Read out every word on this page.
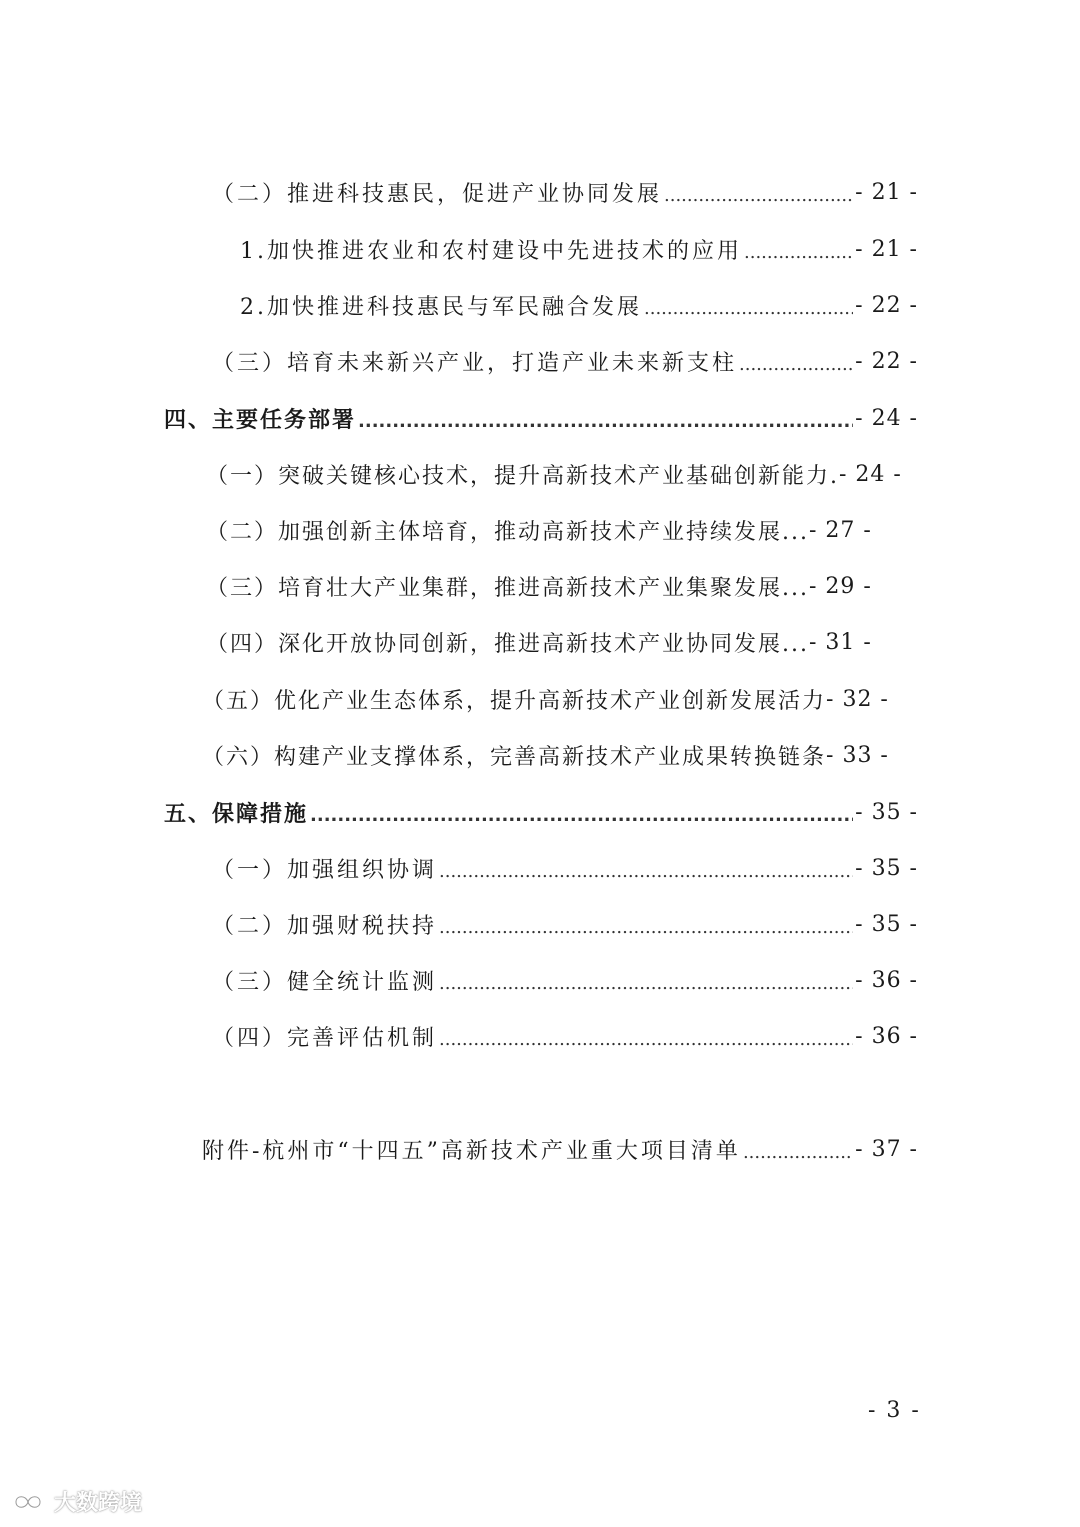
（二）推进科技惠民，促进产业协同发展 .....	- 21 -
1.加快推进农业和农村建设中先进技术的应用 .....	- 21 -
2.加快推进科技惠民与军民融合发展 .....	- 22 -
（三）培育未来新兴产业，打造产业未来新支柱 .....	- 22 -
四、主要任务部署 .....	- 24 -
（一）突破关键核心技术，提升高新技术产业基础创新能力. - 24 -
（二）加强创新主体培育，推动高新技术产业持续发展... - 27 -
（三）培育壮大产业集群，推进高新技术产业集聚发展... - 29 -
（四）深化开放协同创新，推进高新技术产业协同发展... - 31 -
（五）优化产业生态体系，提升高新技术产业创新发展活力 - 32 -
（六）构建产业支撑体系，完善高新技术产业成果转换链条 - 33 -
五、保障措施 .....	- 35 -
（一）加强组织协调 .....	- 35 -
（二）加强财税扶持 .....	- 35 -
（三）健全统计监测 .....	- 36 -
（四）完善评估机制 .....	- 36 -
附件-杭州市“十四五”高新技术产业重大项目清单 .....	- 37 -
- 3 -
大数跨境
